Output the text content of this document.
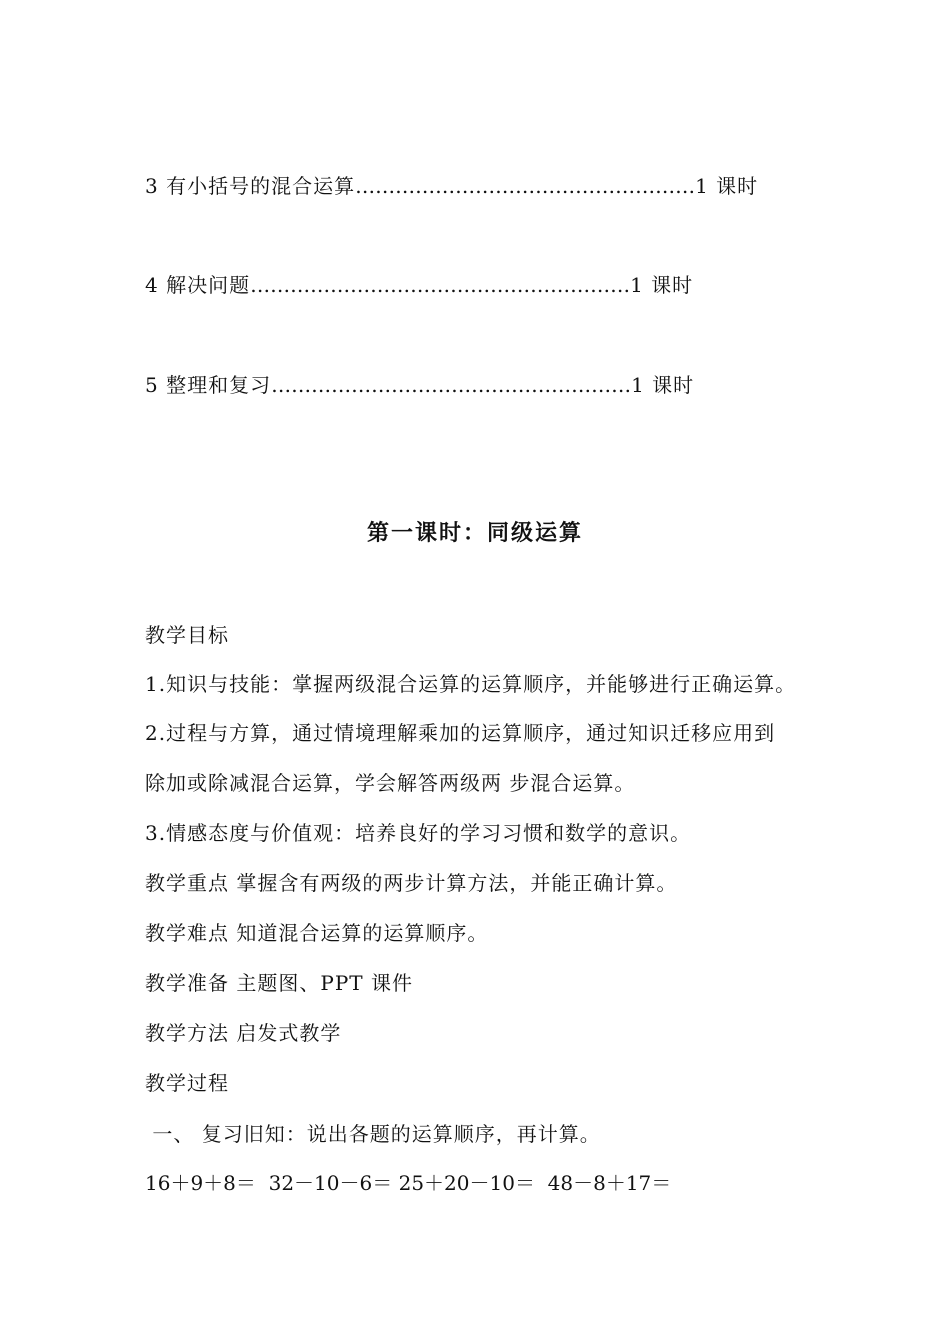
3 有小括号的混合运算……………………………………………1 课时
4 解决问题…………………………………………………1 课时
5 整理和复习………………………………………………1 课时
第一课时：同级运算
教学目标
1.知识与技能：掌握两级混合运算的运算顺序，并能够进行正确运算。
2.过程与方算，通过情境理解乘加的运算顺序，通过知识迁移应用到
除加或除减混合运算，学会解答两级两 步混合运算。
3.情感态度与价值观：培养良好的学习习惯和数学的意识。
教学重点 掌握含有两级的两步计算方法，并能正确计算。
教学难点 知道混合运算的运算顺序。
教学准备 主题图、PPT 课件
教学方法 启发式教学
教学过程
一、 复习旧知：说出各题的运算顺序，再计算。
16＋9＋8＝  32－10－6＝ 25＋20－10＝  48－8＋17＝
